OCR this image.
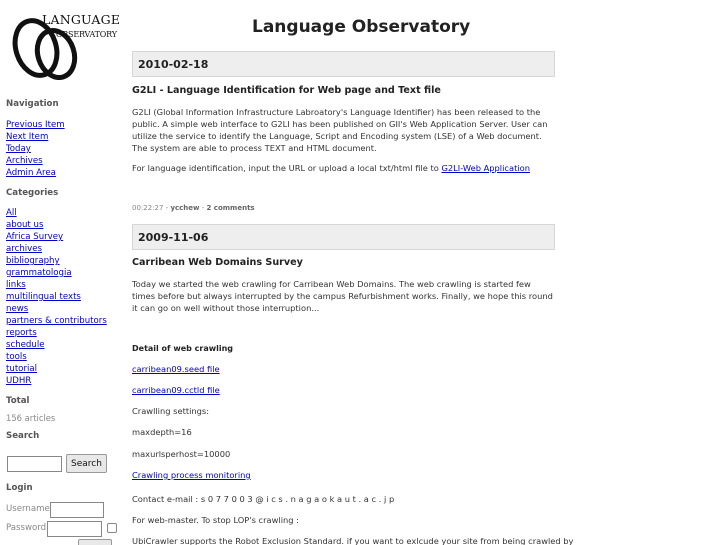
LANGUAGE
OBSERVATORY	Language Observatory
Navigation
Previous Item
Next Item
Today
Archives
Admin Area
Categories
All
about us
Africa Survey
archives
bibliography
grammatologia
links
multilingual texts
news
partners & contributors
reports
schedule
tools
tutorial
UDHR
Total
156 articles
Search
Search
Login
Username
Password
2010-02-18
G2LI - Language Identification for Web page and Text file

G2LI (Global Information Infrastructure Labroatory's Language Identifier) has been released to the public. A simple web interface to G2LI has been published on GII's Web Application Server. User can utilize the service to identify the Language, Script and Encoding system (LSE) of a Web document. The system are able to process TEXT and HTML document.

For language identification, input the URL or upload a local txt/html file to G2LI-Web Application

00:22:27 - ycchew - 2 comments
2009-11-06
Carribean Web Domains Survey

Today we started the web crawling for Carribean Web Domains. The web crawling is started few times before but always interrupted by the campus Refurbishment works. Finally, we hope this round it can go on well without those interruption...

Detail of web crawling
carribean09.seed file
carribean09.cctld file
Crawlling settings:
maxdepth=16
maxurlsperhost=10000
Crawling process monitoring
Contact e-mail : s 0 7 7 0 0 3 @ i c s . n a g a o k a u t . a c . j p
For web-master. To stop LOP's crawling :
UbiCrawler supports the Robot Exclusion Standard. if you want to exlcude your site from being crawled by
